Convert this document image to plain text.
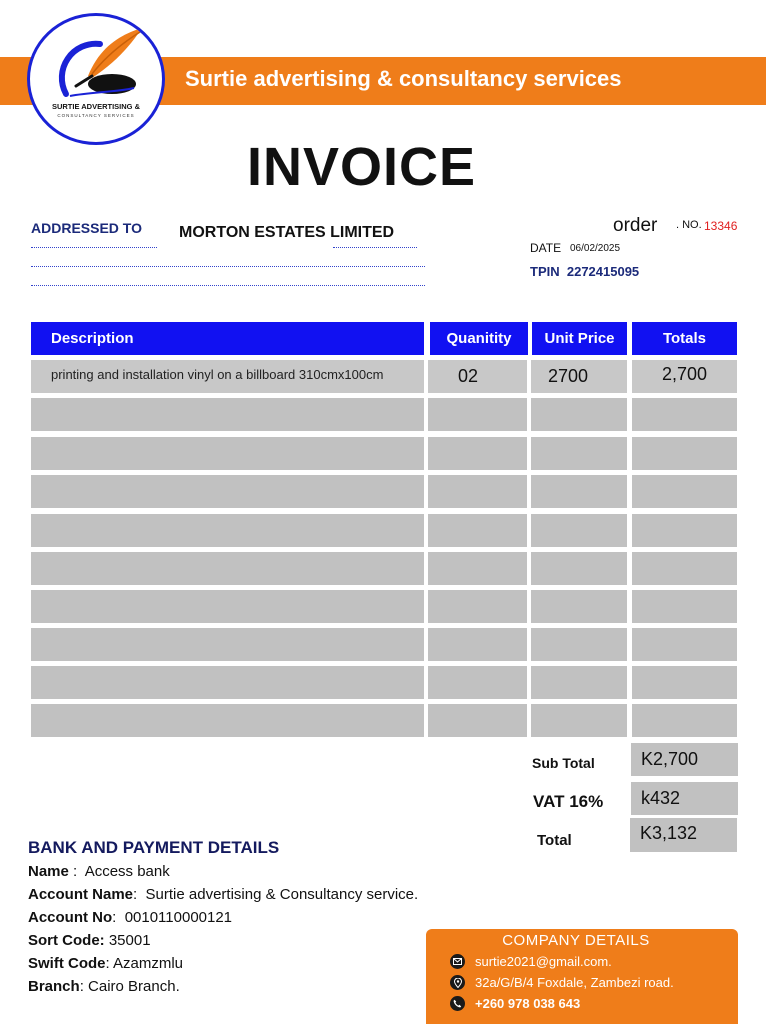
Surtie advertising & consultancy services
SURTIE ADVERTISING &
CONSULTANCY SERVICES
INVOICE
ADDRESSED TO MORTON ESTATES LIMITED	order . NO. 13346
DATE 06/02/2025
TPIN 2272415095
Description	Quanitity	Unit Price	Totals
printing and installation vinyl on a billboard 310cmx100cm	02	2700	2,700
Sub Total	K2,700
VAT 16%	k432
Total	K3,132
BANK AND PAYMENT DETAILS
Name :  Access bank
Account Name:  Surtie advertising & Consultancy service.
Account No:  0010110000121
Sort Code: 35001
Swift Code: Azamzmlu
Branch: Cairo Branch.
COMPANY DETAILS
surtie2021@gmail.com.
32a/G/B/4 Foxdale, Zambezi road.
+260 978 038 643
